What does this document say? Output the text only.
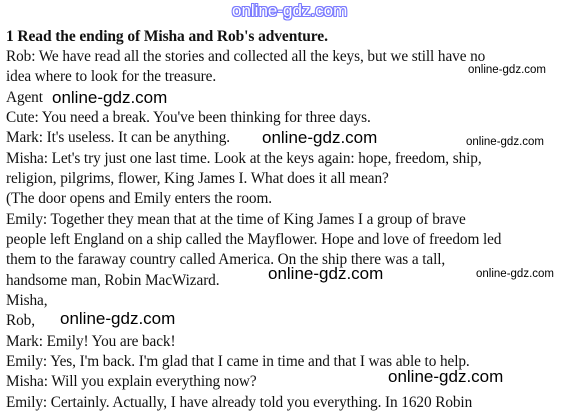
online-gdz.com
1 Read the ending of Misha and Rob's adventure.
Rob: We have read all the stories and collected all the keys, but we still have no
idea where to look for the treasure.
Agent
Cute: You need a break. You've been thinking for three days.
Mark: It's useless. It can be anything.
Misha: Let's try just one last time. Look at the keys again: hope, freedom, ship,
religion, pilgrims, flower, King James I. What does it all mean?
(The door opens and Emily enters the room.
Emily: Together they mean that at the time of King James I a group of brave
people left England on a ship called the Mayflower. Hope and love of freedom led
them to the faraway country called America. On the ship there was a tall,
handsome man, Robin MacWizard.
Misha,
Rob,
Mark: Emily! You are back!
Emily: Yes, I'm back. I'm glad that I came in time and that I was able to help.
Misha: Will you explain everything now?
Emily: Certainly. Actually, I have already told you everything. In 1620 Robin
online-gdz.com
online-gdz.com
online-gdz.com	online-gdz.com
online-gdz.com	online-gdz.com
online-gdz.com
online-gdz.com
